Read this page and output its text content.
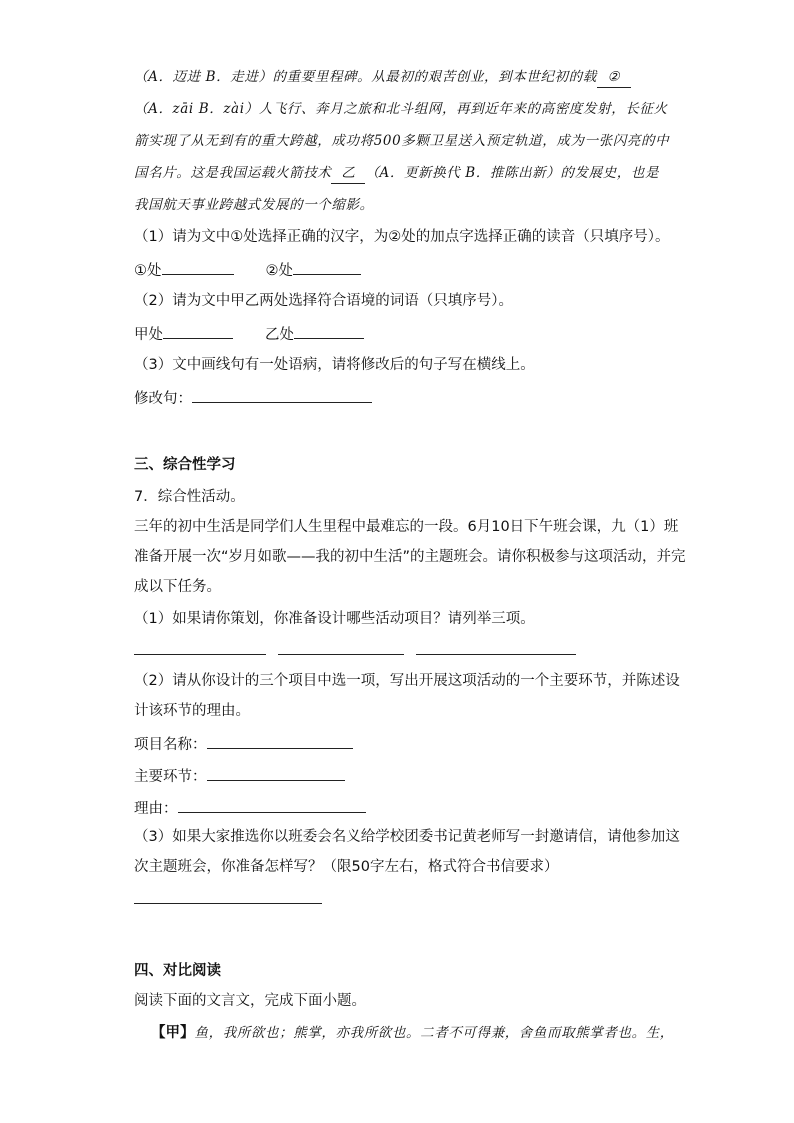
（A．迈进 B．走进）的重要里程碑。从最初的艰苦创业，到本世纪初的载 ②
（A．zāi B．zài）人飞行、奔月之旅和北斗组网，再到近年来的高密度发射，长征火
箭实现了从无到有的重大跨越，成功将500多颗卫星送入预定轨道，成为一张闪亮的中
国名片。这是我国运载火箭技术 乙 （A．更新换代 B．推陈出新）的发展史，也是
我国航天事业跨越式发展的一个缩影。
（1）请为文中①处选择正确的汉字，为②处的加点字选择正确的读音（只填序号）。
①处	②处
（2）请为文中甲乙两处选择符合语境的词语（只填序号）。
甲处	乙处
（3）文中画线句有一处语病，请将修改后的句子写在横线上。
修改句：
三、综合性学习
7．综合性活动。
三年的初中生活是同学们人生里程中最难忘的一段。6月10日下午班会课，九（1）班
准备开展一次“岁月如歌——我的初中生活”的主题班会。请你积极参与这项活动，并完
成以下任务。
（1）如果请你策划，你准备设计哪些活动项目？请列举三项。
（2）请从你设计的三个项目中选一项，写出开展这项活动的一个主要环节，并陈述设
计该环节的理由。
项目名称：
主要环节：
理由：
（3）如果大家推选你以班委会名义给学校团委书记黄老师写一封邀请信，请他参加这
次主题班会，你准备怎样写？（限50字左右，格式符合书信要求）
四、对比阅读
阅读下面的文言文，完成下面小题。
【甲】鱼，我所欲也；熊掌，亦我所欲也。二者不可得兼，舍鱼而取熊掌者也。生，
